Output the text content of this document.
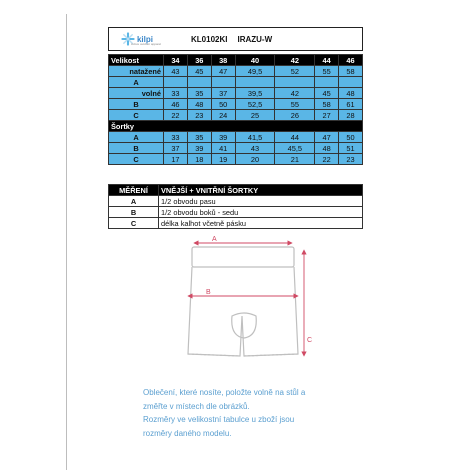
kilpi
Active outdoor apparel
KL0102KI IRAZU-W
Velikost	34	36	38	40	42	44	46
natažené	43	45	47	49,5	52	55	58
A							
volné	33	35	37	39,5	42	45	48
B	46	48	50	52,5	55	58	61
C	22	23	24	25	26	27	28
Šortky							
A	33	35	39	41,5	44	47	50
B	37	39	41	43	45,5	48	51
C	17	18	19	20	21	22	23
MĚŘENÍ	VNĚJŠÍ + VNITŘNÍ ŠORTKY
A	1/2 obvodu pasu
B	1/2 obvodu boků - sedu
C	délka kalhot včetně pásku
A
B
C
Oblečení, které nosíte, položte volně na stůl a
změřte v místech dle obrázků.
Rozměry ve velikostní tabulce u zboží jsou
rozměry daného modelu.
